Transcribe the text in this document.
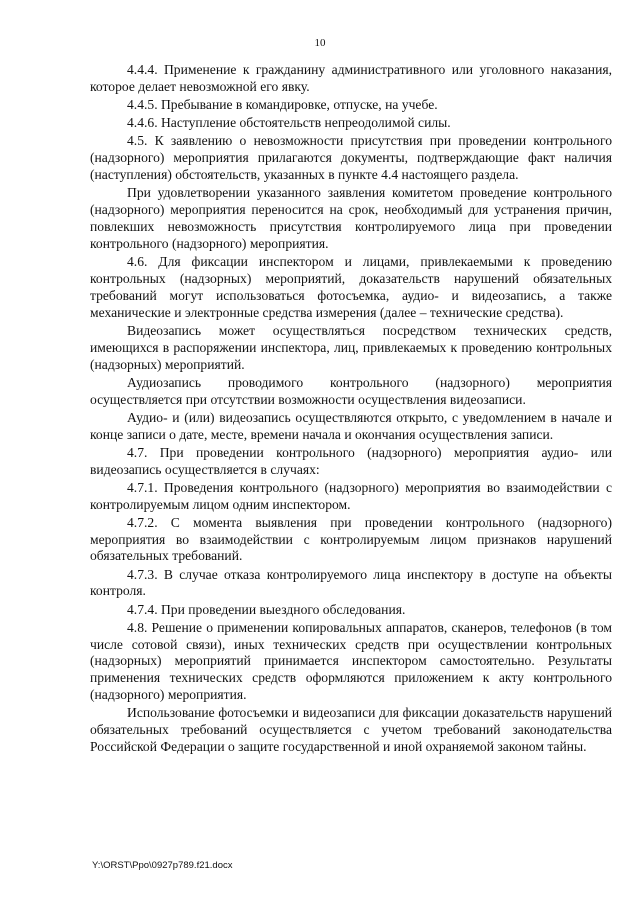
10

4.4.4. Применение к гражданину административного или уголовного наказания, которое делает невозможной его явку.

4.4.5. Пребывание в командировке, отпуске, на учебе.

4.4.6. Наступление обстоятельств непреодолимой силы.

4.5. К заявлению о невозможности присутствия при проведении контрольного (надзорного) мероприятия прилагаются документы, подтверждающие факт наличия (наступления) обстоятельств, указанных в пункте 4.4 настоящего раздела.

При удовлетворении указанного заявления комитетом проведение контрольного (надзорного) мероприятия переносится на срок, необходимый для устранения причин, повлекших невозможность присутствия контролируемого лица при проведении контрольного (надзорного) мероприятия.

4.6. Для фиксации инспектором и лицами, привлекаемыми к проведению контрольных (надзорных) мероприятий, доказательств нарушений обязательных требований могут использоваться фотосъемка, аудио- и видеозапись, а также механические и электронные средства измерения (далее – технические средства).

Видеозапись может осуществляться посредством технических средств, имеющихся в распоряжении инспектора, лиц, привлекаемых к проведению контрольных (надзорных) мероприятий.

Аудиозапись проводимого контрольного (надзорного) мероприятия осуществляется при отсутствии возможности осуществления видеозаписи.

Аудио- и (или) видеозапись осуществляются открыто, с уведомлением в начале и конце записи о дате, месте, времени начала и окончания осуществления записи.

4.7. При проведении контрольного (надзорного) мероприятия аудио- или видеозапись осуществляется в случаях:

4.7.1. Проведения контрольного (надзорного) мероприятия во взаимодействии с контролируемым лицом одним инспектором.

4.7.2. С момента выявления при проведении контрольного (надзорного) мероприятия во взаимодействии с контролируемым лицом признаков нарушений обязательных требований.

4.7.3. В случае отказа контролируемого лица инспектору в доступе на объекты контроля.

4.7.4. При проведении выездного обследования.

4.8. Решение о применении копировальных аппаратов, сканеров, телефонов (в том числе сотовой связи), иных технических средств при осуществлении контрольных (надзорных) мероприятий принимается инспектором самостоятельно. Результаты применения технических средств оформляются приложением к акту контрольного (надзорного) мероприятия.

Использование фотосъемки и видеозаписи для фиксации доказательств нарушений обязательных требований осуществляется с учетом требований законодательства Российской Федерации о защите государственной и иной охраняемой законом тайны.

Y:\ORST\Ppo\0927p789.f21.docx
